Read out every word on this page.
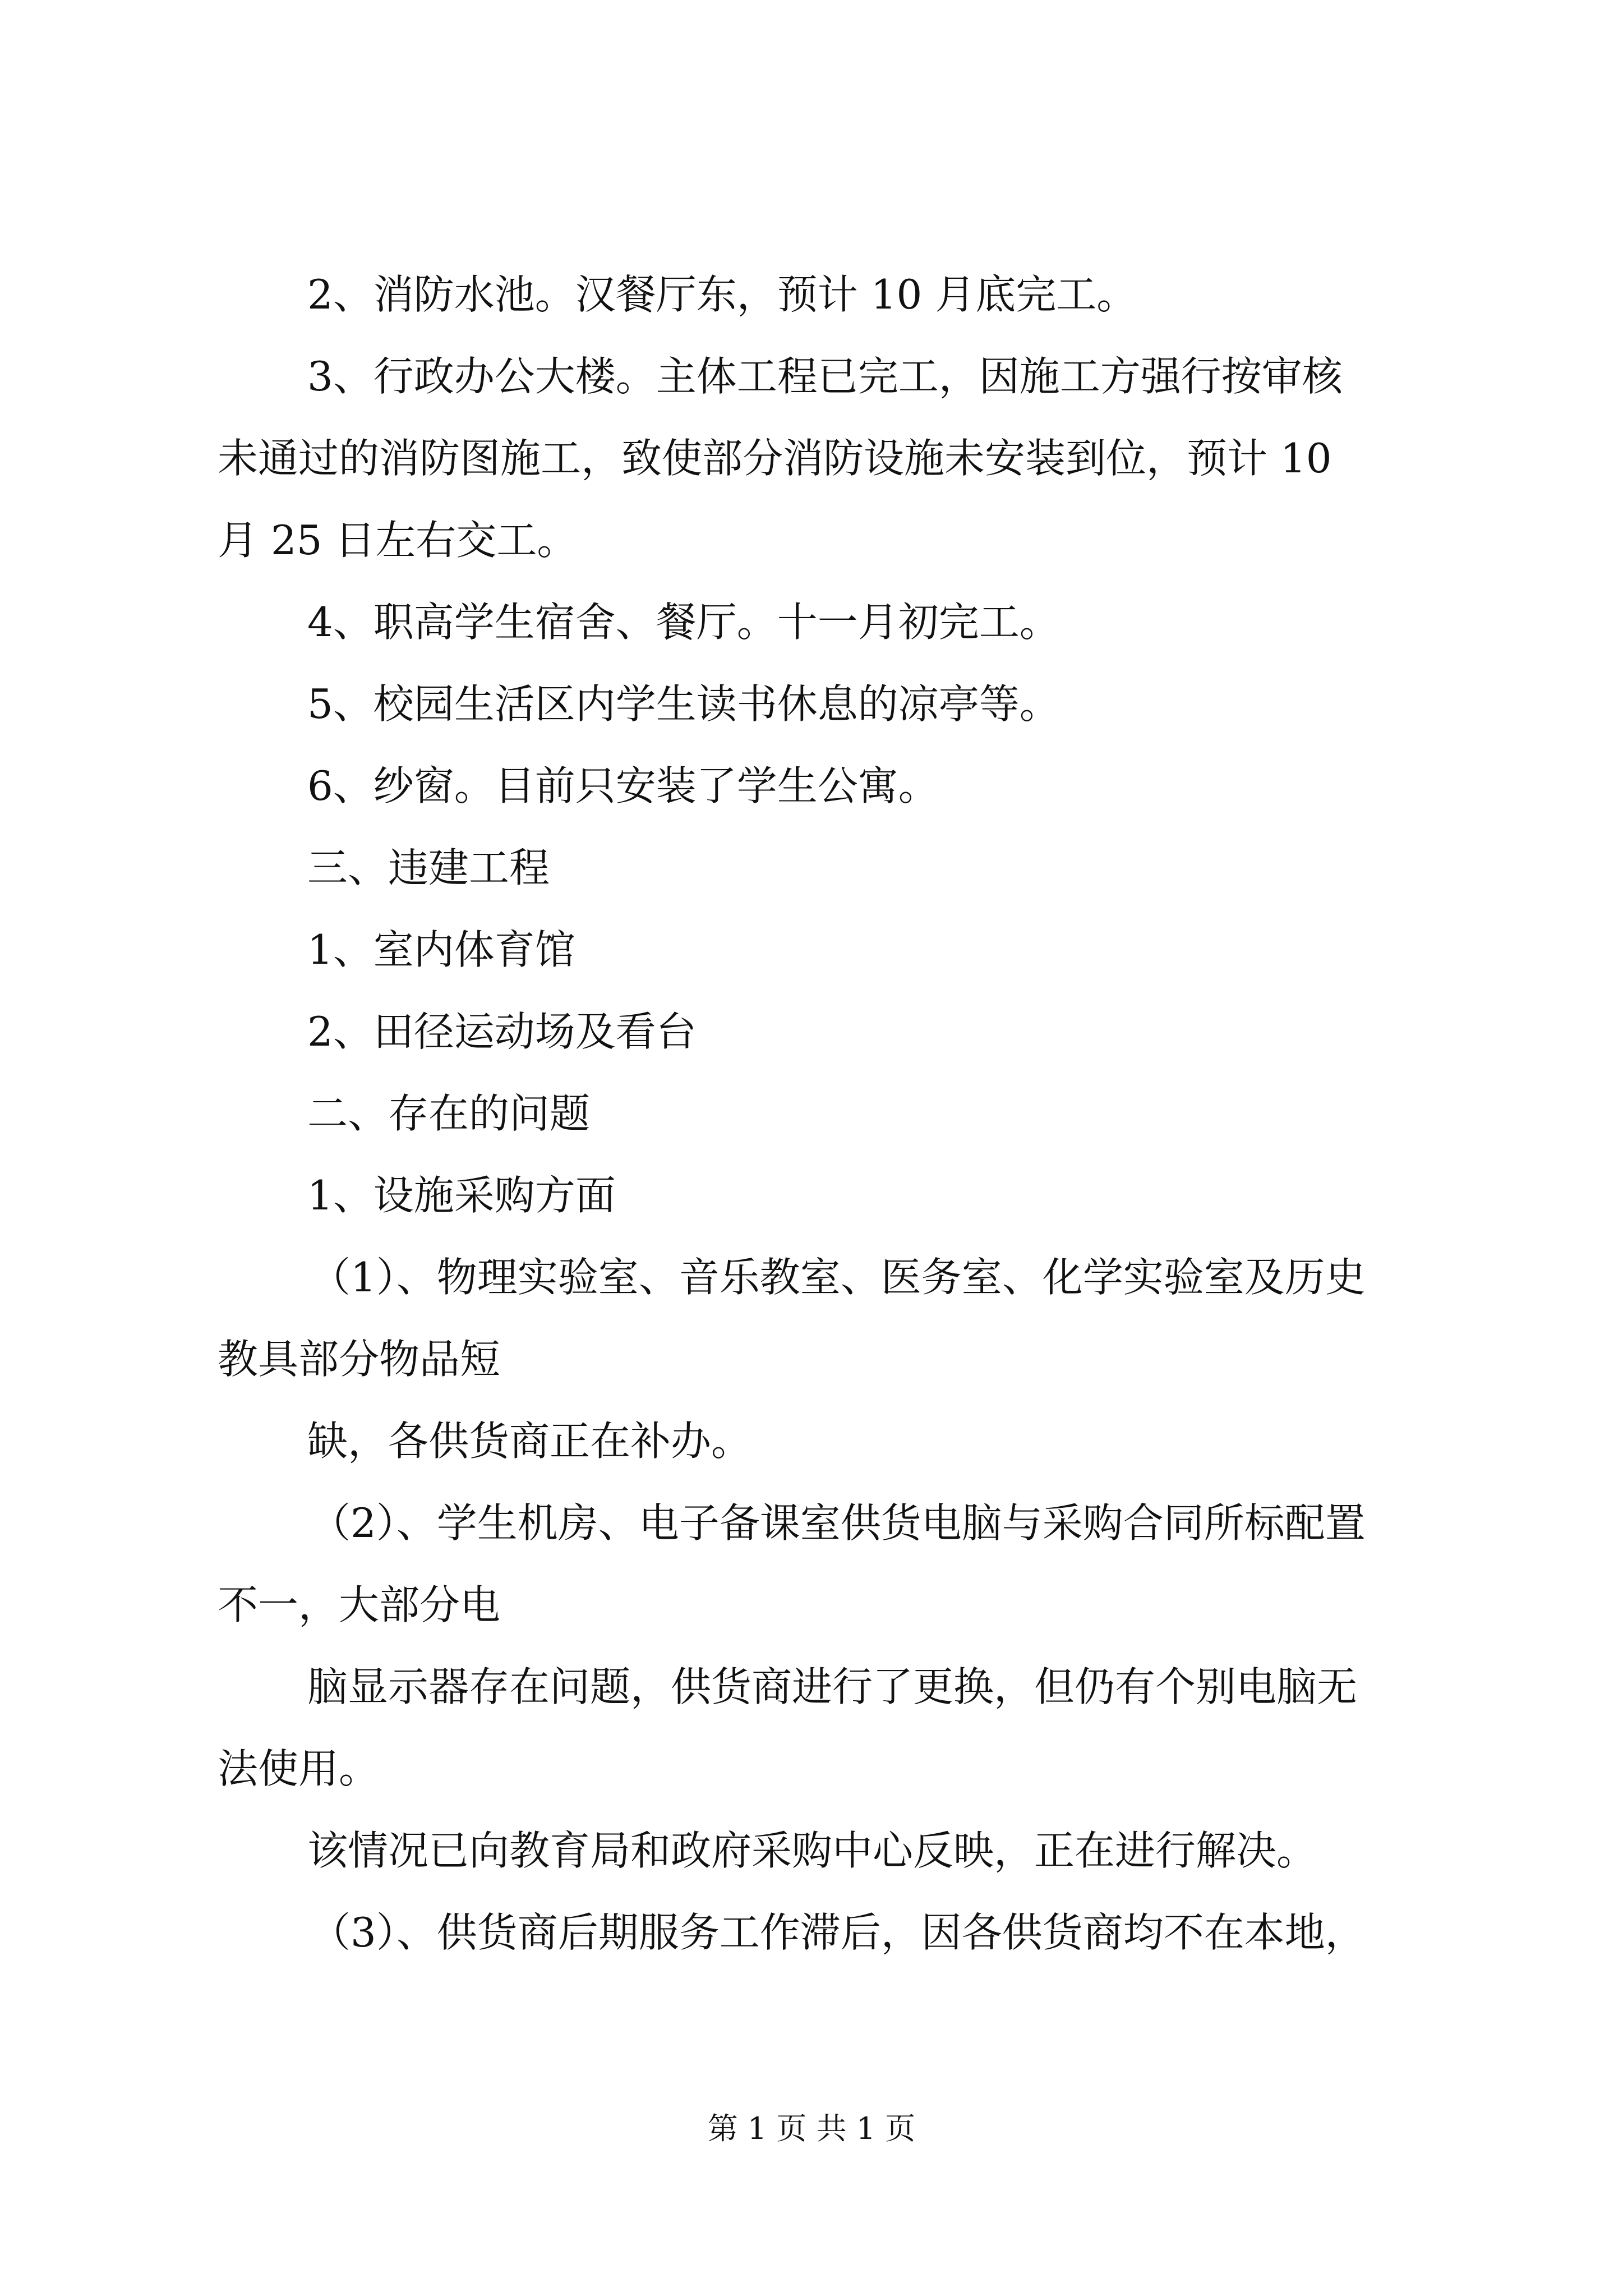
2、消防水池。汉餐厅东，预计 10 月底完工。
3、行政办公大楼。主体工程已完工，因施工方强行按审核
未通过的消防图施工，致使部分消防设施未安装到位，预计 10
月 25 日左右交工。
4、职高学生宿舍、餐厅。十一月初完工。
5、校园生活区内学生读书休息的凉亭等。
6、纱窗。目前只安装了学生公寓。
三、违建工程
1、室内体育馆
2、田径运动场及看台
二、存在的问题
1、设施采购方面
（1）、物理实验室、音乐教室、医务室、化学实验室及历史
教具部分物品短
缺，各供货商正在补办。
（2）、学生机房、电子备课室供货电脑与采购合同所标配置
不一，大部分电
脑显示器存在问题，供货商进行了更换，但仍有个别电脑无
法使用。
该情况已向教育局和政府采购中心反映，正在进行解决。
（3）、供货商后期服务工作滞后，因各供货商均不在本地，
第 1 页 共 1 页
